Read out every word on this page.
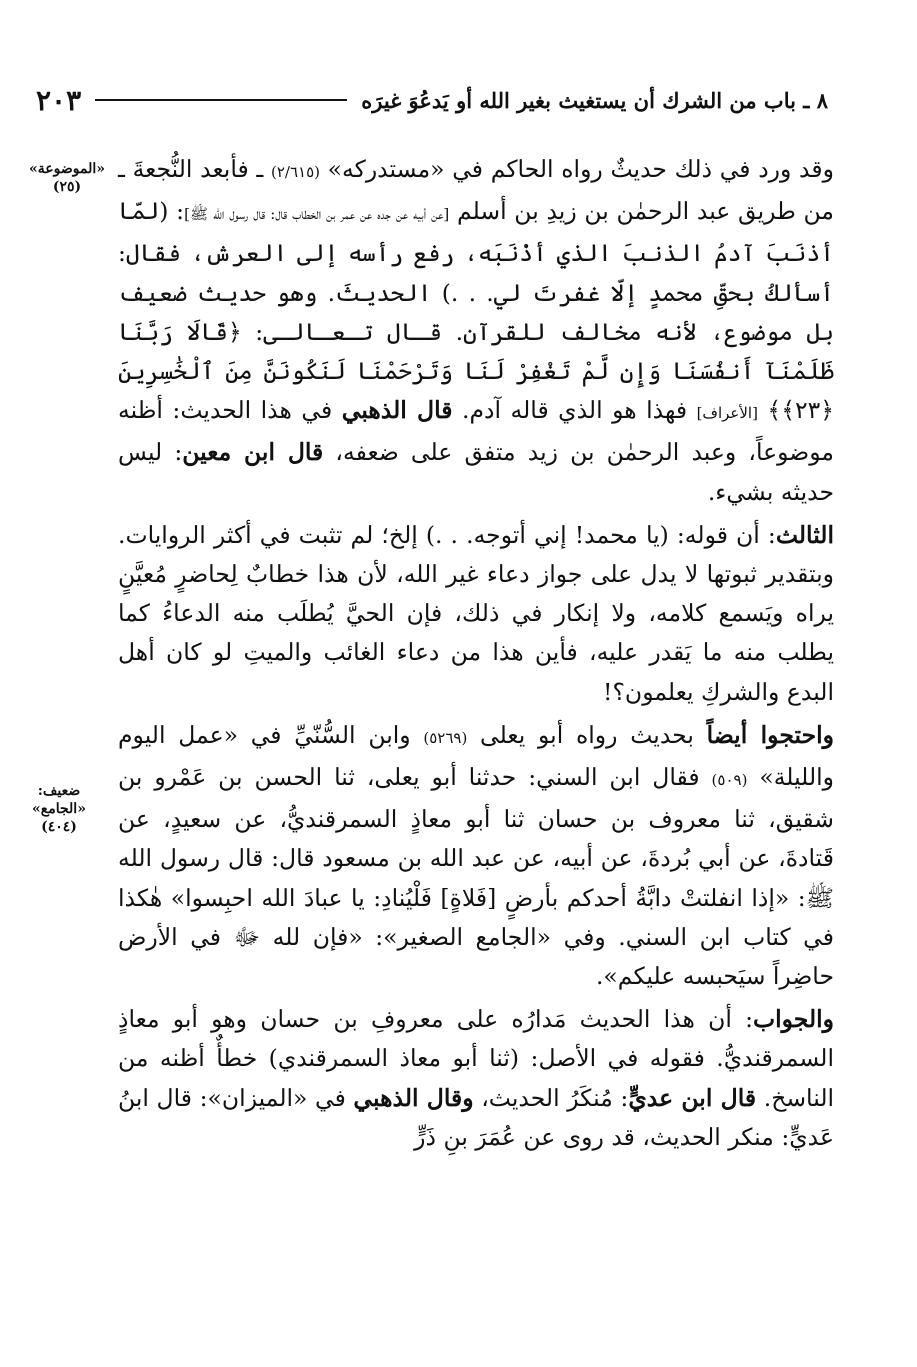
٨ ـ باب من الشرك أن يستغيث بغير الله أو يَدعُوَ غيرَه
٢٠٣
«الموضوعة»
(٢٥)
ضعيف:
«الجامع»
(٤٠٤)

وقد ورد في ذلك حديثٌ رواه الحاكم في «مستدركه» (٢/٦١٥) ـ فأبعد النُّجعةَ ـ من طريق عبد الرحمٰن بن زيدِ بن أسلم [عن أبيه عن جده عن عمر بن الخطاب قال: قال رسول الله ﷺ]: (لمّا أذنَبَ آدمُ الذنبَ الذي أذْنَبَه، رفع رأسه إلى العرش، فقال: أسألكُ بحقِّ محمدٍ إلّا غفرتَ لي. . .) الحديثَ. وهو حديث ضعيف بل موضوع، لأنه مخالف للقرآن. قـال تـعـالـى: ﴿قَالَا رَبَّنَا ظَلَمْنَآ أَنفُسَنَا وَإِن لَّمْ تَغْفِرْ لَنَا وَتَرْحَمْنَا لَنَكُونَنَّ مِنَ ٱلْخَٰسِرِينَ ﴿٢٣﴾﴾ [الأعراف] فهذا هو الذي قاله آدم. قال الذهبي في هذا الحديث: أظنه موضوعاً، وعبد الرحمٰن بن زيد متفق على ضعفه، قال ابن معين: ليس حديثه بشيء.

الثالث: أن قوله: (يا محمد! إني أتوجه. . .) إلخ؛ لم تثبت في أكثر الروايات. وبتقدير ثبوتها لا يدل على جواز دعاء غير الله، لأن هذا خطابٌ لِحاضرٍ مُعيَّنٍ يراه ويَسمع كلامه، ولا إنكار في ذلك، فإن الحيَّ يُطلَب منه الدعاءُ كما يطلب منه ما يَقدر عليه، فأين هذا من دعاء الغائب والميتِ لو كان أهل البدع والشركِ يعلمون؟!

واحتجوا أيضاً بحديث رواه أبو يعلى (٥٢٦٩) وابن السُّنّيِّ في «عمل اليوم والليلة» (٥٠٩) فقال ابن السني: حدثنا أبو يعلى، ثنا الحسن بن عَمْرو بن شقيق، ثنا معروف بن حسان ثنا أبو معاذٍ السمرقنديُّ، عن سعيدٍ، عن قَتادةَ، عن أبي بُردةَ، عن أبيه، عن عبد الله بن مسعود قال: قال رسول الله ﷺ: «إذا انفلتتْ دابَّةُ أحدكم بأرضٍ [فَلاةٍ] فَلْيُنادِ: يا عبادَ الله احبِسوا» هٰكذا في كتاب ابن السني. وفي «الجامع الصغير»: «فإن لله ﷻ في الأرض حاضِراً سيَحبسه عليكم».

والجواب: أن هذا الحديث مَدارُه على معروفِ بن حسان وهو أبو معاذٍ السمرقنديُّ. فقوله في الأصل: (ثنا أبو معاذ السمرقندي) خطأٌ أظنه من الناسخ. قال ابن عديٍّ: مُنكَرُ الحديث، وقال الذهبي في «الميزان»: قال ابنُ عَديٍّ: منكر الحديث، قد روى عن عُمَرَ بنِ ذَرٍّ
